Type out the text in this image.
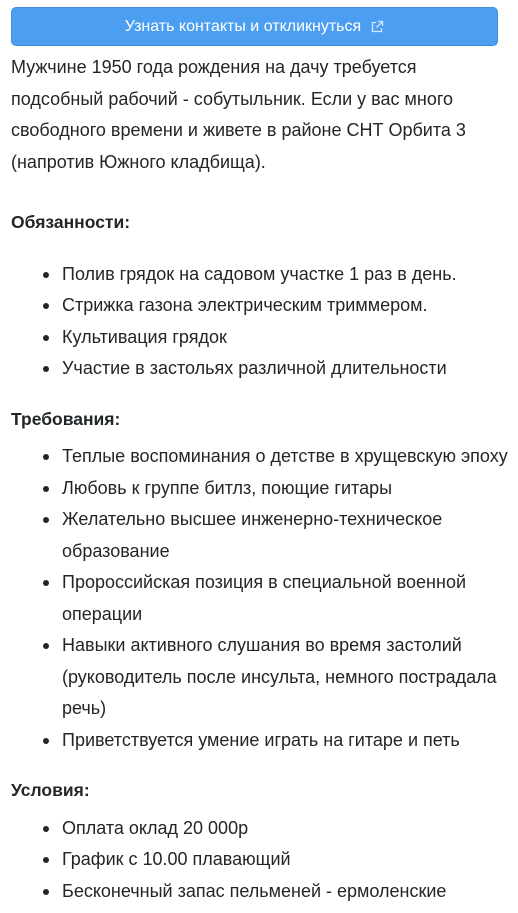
Узнать контакты и откликнуться

Мужчине 1950 года рождения на дачу требуется подсобный рабочий - собутыльник. Если у вас много свободного времени и живете в районе СНТ Орбита 3 (напротив Южного кладбища).

Обязанности:
Полив грядок на садовом участке 1 раз в день.
Стрижка газона электрическим триммером.
Культивация грядок
Участие в застольях различной длительности
Требования:
Теплые воспоминания о детстве в хрущевскую эпоху
Любовь к группе битлз, поющие гитары
Желательно высшее инженерно-техническое образование
Пророссийская позиция в специальной военной операции
Навыки активного слушания во время застолий (руководитель после инсульта, немного пострадала речь)
Приветствуется умение играть на гитаре и петь
Условия:
Оплата оклад 20 000р
График с 10.00 плавающий
Бесконечный запас пельменей - ермоленские
